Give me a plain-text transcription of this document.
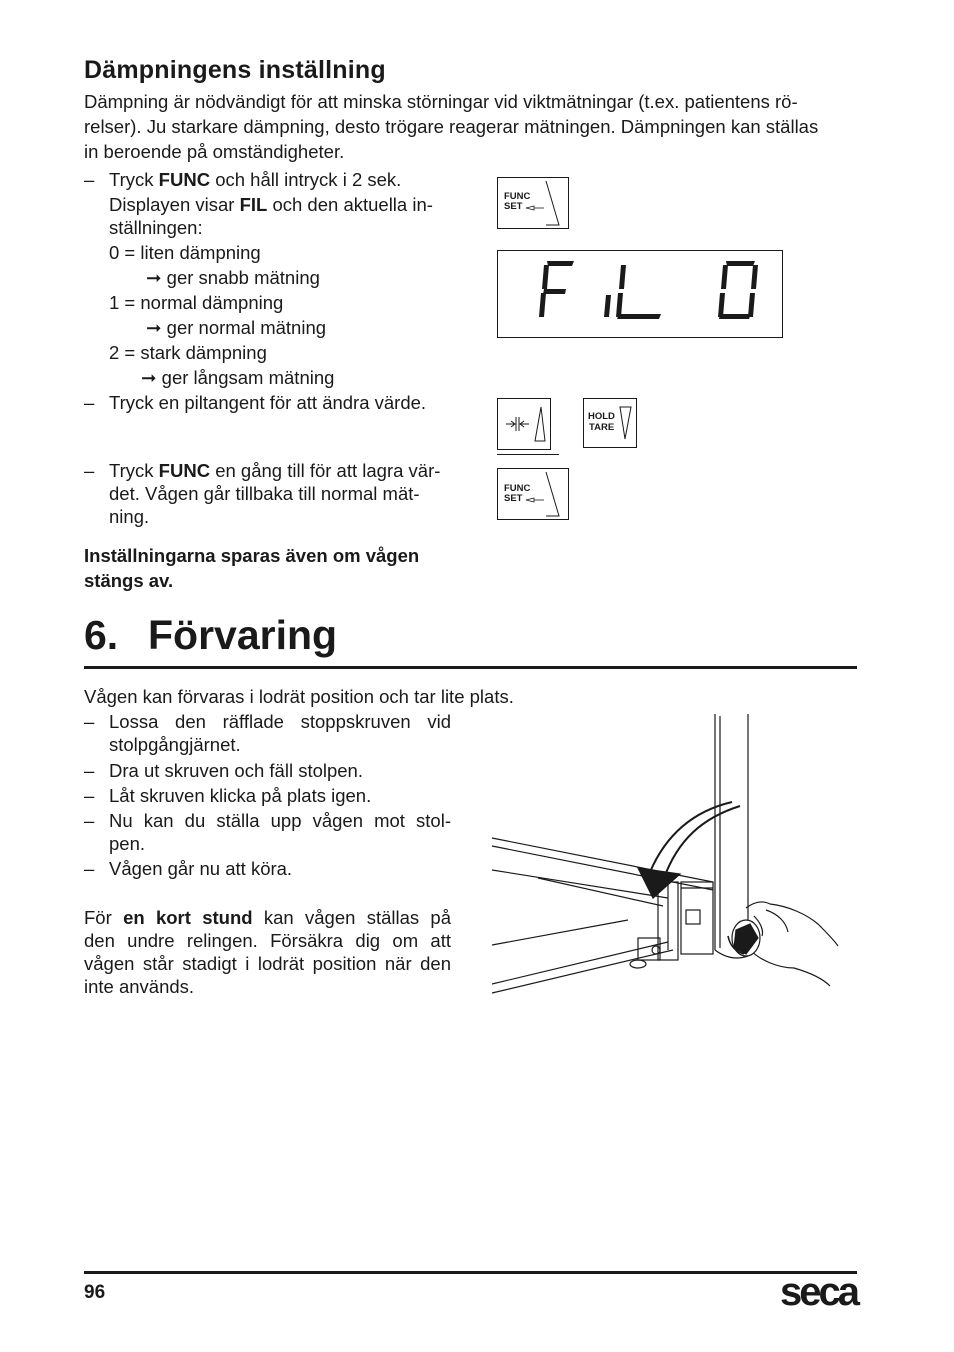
Dämpningens inställning
Dämpning är nödvändigt för att minska störningar vid viktmätningar (t.ex. patientens rö-
relser). Ju starkare dämpning, desto trögare reagerar mätningen. Dämpningen kan ställas
in beroende på omständigheter.
– Tryck FUNC och håll intryck i 2 sek.
Displayen visar FIL och den aktuella in-
ställningen:
0 = liten dämpning
➞ ger snabb mätning
1 = normal dämpning
➞ ger normal mätning
2 = stark dämpning
➞ ger långsam mätning
– Tryck en piltangent för att ändra värde.
– Tryck FUNC en gång till för att lagra vär-
det. Vågen går tillbaka till normal mät-
ning.
Inställningarna sparas även om vågen
stängs av.
FUNC
SET
HOLD
TARE
FUNC
SET
6. Förvaring
Vågen kan förvaras i lodrät position och tar lite plats.
– Lossa den räfflade stoppskruven vid
stolpgångjärnet.
– Dra ut skruven och fäll stolpen.
– Låt skruven klicka på plats igen.
– Nu kan du ställa upp vågen mot stol-
pen.
– Vågen går nu att köra.
För en kort stund kan vågen ställas på
den undre relingen. Försäkra dig om att
vågen står stadigt i lodrät position när den
inte används.
96	seca
